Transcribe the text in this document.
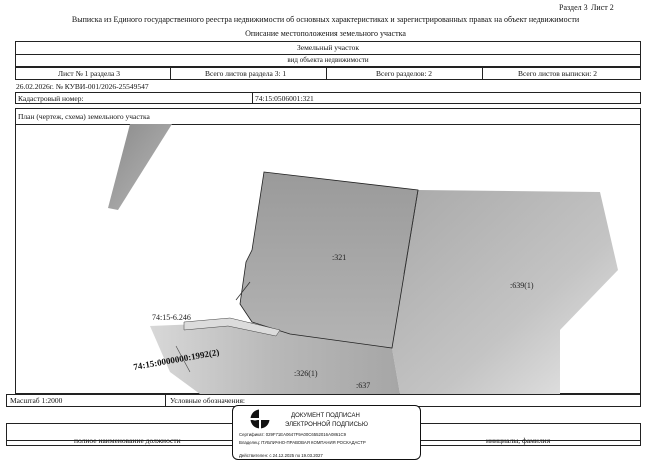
Раздел 3 Лист 2
Выписка из Единого государственного реестра недвижимости об основных характеристиках и зарегистрированных правах на объект недвижимости
Описание местоположения земельного участка
Земельный участок
вид объекта недвижимости
Лист № 1 раздела 3	Всего листов раздела 3: 1	Всего разделов: 2	Всего листов выписки: 2
26.02.2026г. № КУВИ-001/2026-25549547
Кадастровый номер:	74:15:0506001:321
План (чертеж, схема) земельного участка
:321
:639(1)
:326(1)
:637
74:15-6.246
74:15:0000000:1992(2)
Масштаб 1:2000	Условные обозначения:
полное наименование должности	инициалы, фамилия
ДОКУМЕНТ ПОДПИСАН
ЭЛЕКТРОННОЙ ПОДПИСЬЮ
Сертификат: 029F71ЕА0647F9А00С6552016А0861С9
Владелец: ПУБЛИЧНО-ПРАВОВАЯ КОМПАНИЯ РОСКАДАСТР
Действителен: с 24.12.2025 по 19.03.2027
